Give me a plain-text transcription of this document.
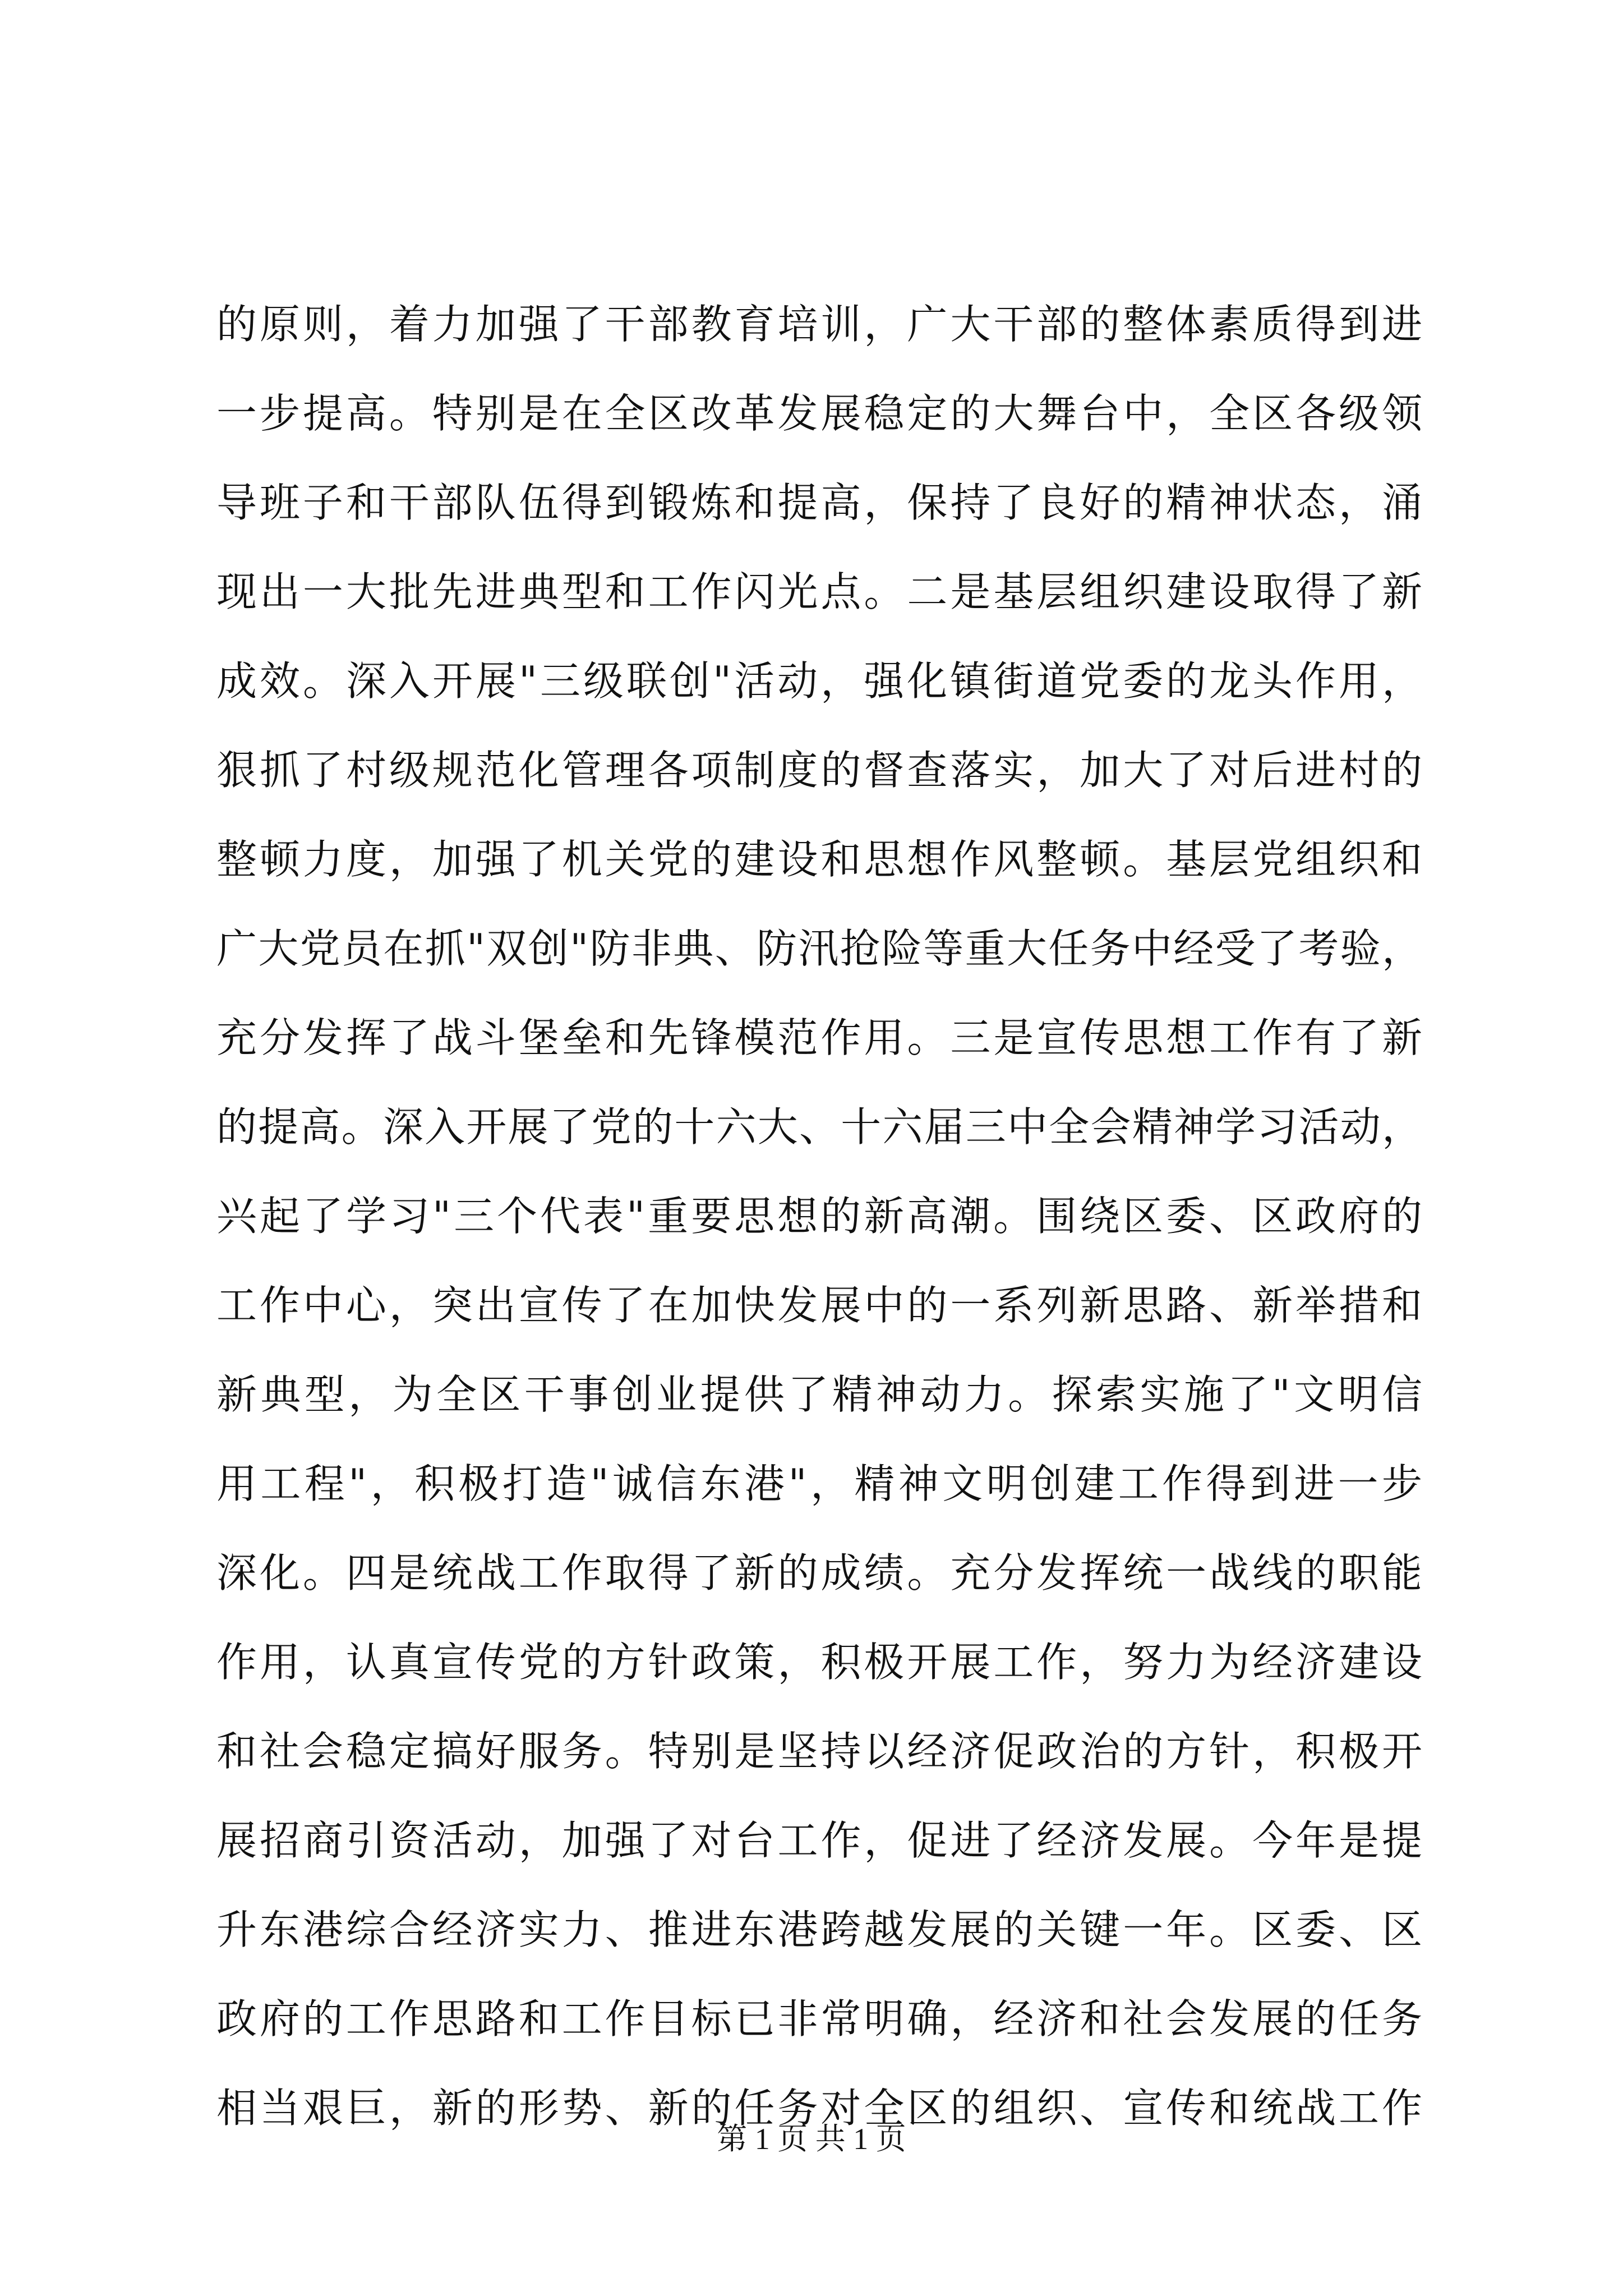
的原则，着力加强了干部教育培训，广大干部的整体素质得到进
一步提高。特别是在全区改革发展稳定的大舞台中，全区各级领
导班子和干部队伍得到锻炼和提高，保持了良好的精神状态，涌
现出一大批先进典型和工作闪光点。二是基层组织建设取得了新
成效。深入开展"三级联创"活动，强化镇街道党委的龙头作用，
狠抓了村级规范化管理各项制度的督查落实，加大了对后进村的
整顿力度，加强了机关党的建设和思想作风整顿。基层党组织和
广大党员在抓"双创"防非典、防汛抢险等重大任务中经受了考验，
充分发挥了战斗堡垒和先锋模范作用。三是宣传思想工作有了新
的提高。深入开展了党的十六大、十六届三中全会精神学习活动，
兴起了学习"三个代表"重要思想的新高潮。围绕区委、区政府的
工作中心，突出宣传了在加快发展中的一系列新思路、新举措和
新典型，为全区干事创业提供了精神动力。探索实施了"文明信
用工程"，积极打造"诚信东港"，精神文明创建工作得到进一步
深化。四是统战工作取得了新的成绩。充分发挥统一战线的职能
作用，认真宣传党的方针政策，积极开展工作，努力为经济建设
和社会稳定搞好服务。特别是坚持以经济促政治的方针，积极开
展招商引资活动，加强了对台工作，促进了经济发展。今年是提
升东港综合经济实力、推进东港跨越发展的关键一年。区委、区
政府的工作思路和工作目标已非常明确，经济和社会发展的任务
相当艰巨，新的形势、新的任务对全区的组织、宣传和统战工作
第 1 页 共 1 页
